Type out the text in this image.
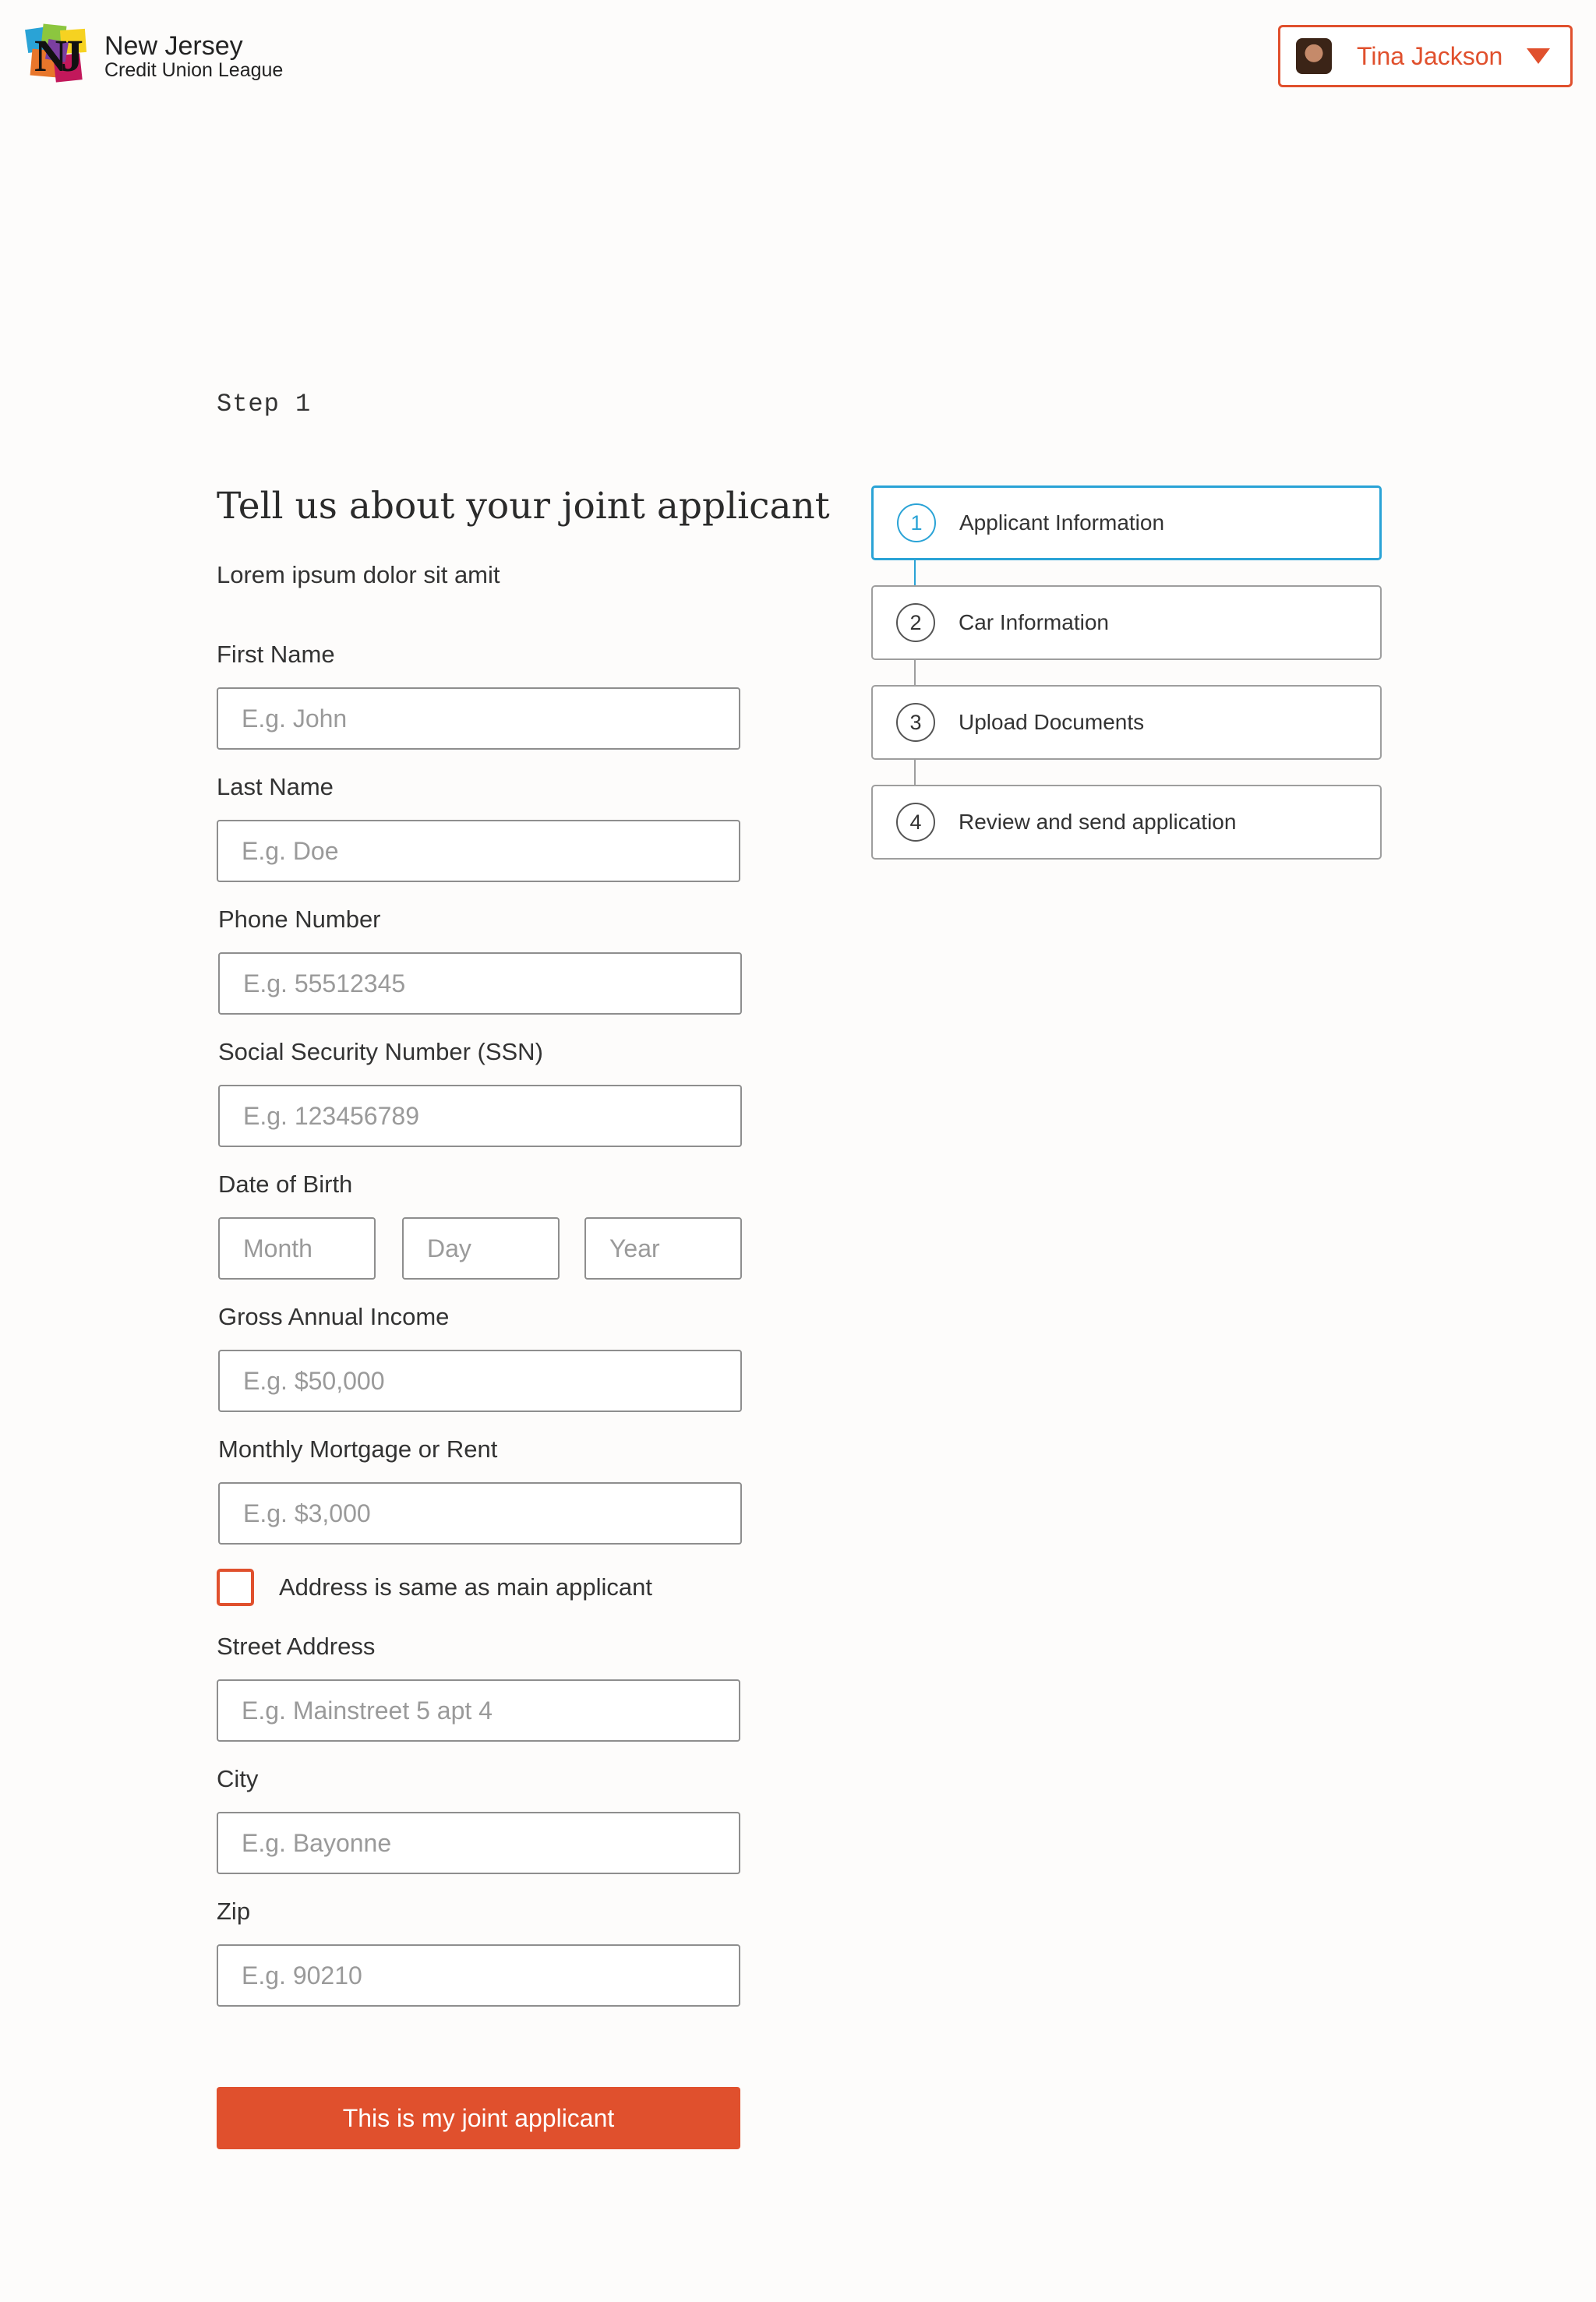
NJ New Jersey
Credit Union League	Tina Jackson
Step 1
Tell us about your joint applicant

Lorem ipsum dolor sit amit

First Name
E.g. John
Last Name
E.g. Doe
Phone Number
E.g. 55512345
Social Security Number (SSN)
E.g. 123456789
Date of Birth
Month
Day
Year
Gross Annual Income
E.g. $50,000
Monthly Mortgage or Rent
E.g. $3,000
Address is same as main applicant
Street Address
E.g. Mainstreet 5 apt 4
City
E.g. Bayonne
Zip
E.g. 90210
This is my joint applicant
1	Applicant Information
2	Car Information
3	Upload Documents
4	Review and send application
